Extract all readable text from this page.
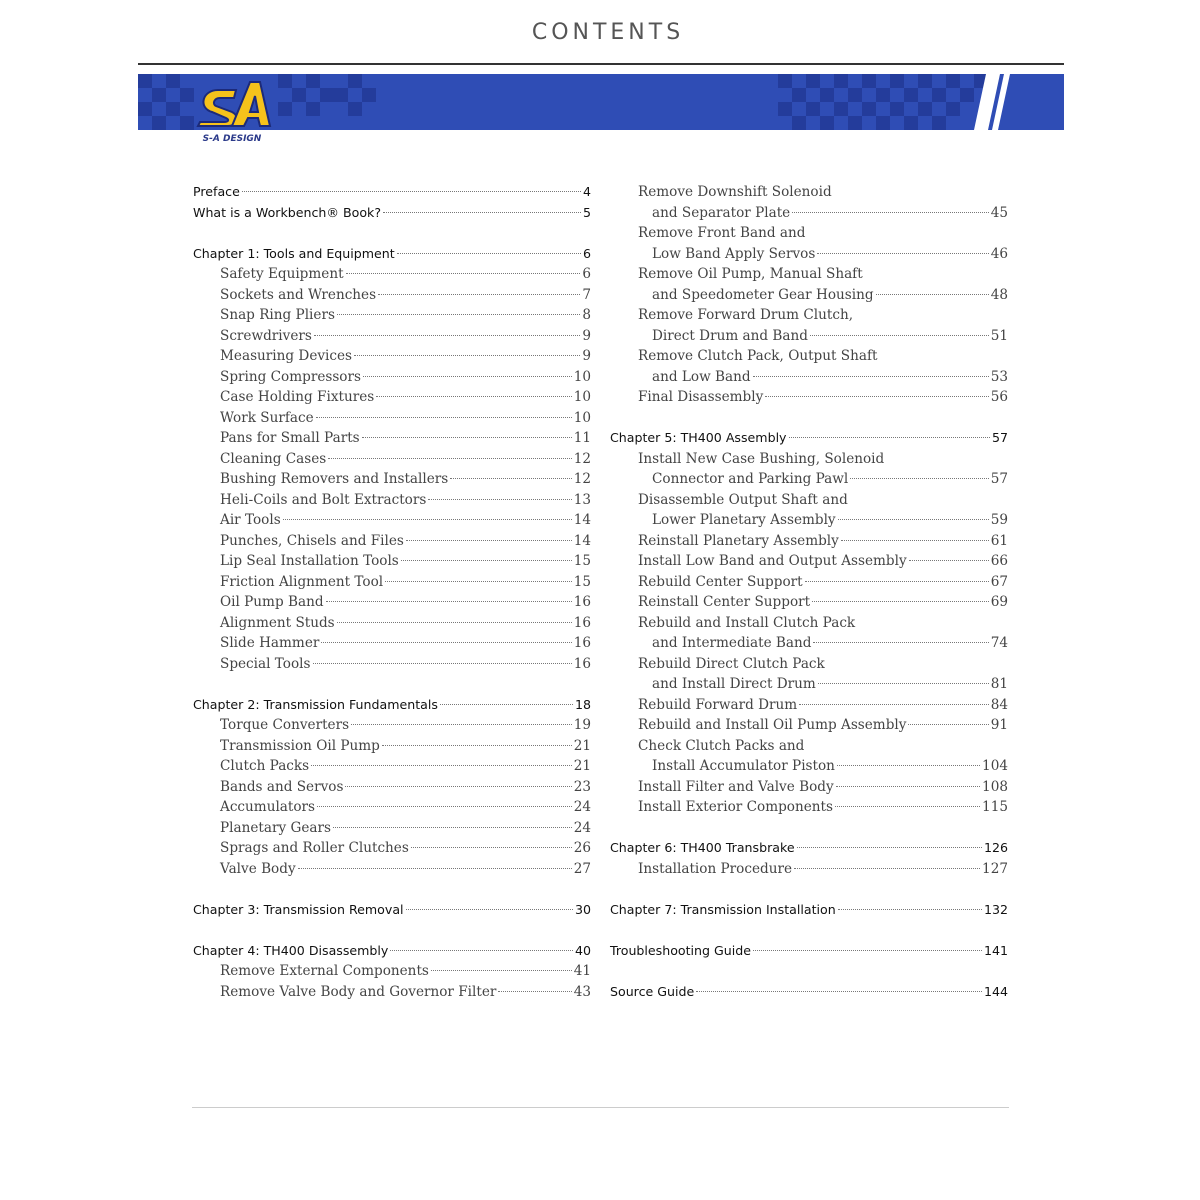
CONTENTS
S-A DESIGN
Preface	4
What is a Workbench® Book?	5
Chapter 1: Tools and Equipment	6
Safety Equipment	6
Sockets and Wrenches	7
Snap Ring Pliers	8
Screwdrivers	9
Measuring Devices	9
Spring Compressors	10
Case Holding Fixtures	10
Work Surface	10
Pans for Small Parts	11
Cleaning Cases	12
Bushing Removers and Installers	12
Heli-Coils and Bolt Extractors	13
Air Tools	14
Punches, Chisels and Files	14
Lip Seal Installation Tools	15
Friction Alignment Tool	15
Oil Pump Band	16
Alignment Studs	16
Slide Hammer	16
Special Tools	16
Chapter 2: Transmission Fundamentals	18
Torque Converters	19
Transmission Oil Pump	21
Clutch Packs	21
Bands and Servos	23
Accumulators	24
Planetary Gears	24
Sprags and Roller Clutches	26
Valve Body	27
Chapter 3: Transmission Removal	30
Chapter 4: TH400 Disassembly	40
Remove External Components	41
Remove Valve Body and Governor Filter	43
Remove Downshift Solenoid
and Separator Plate	45
Remove Front Band and
Low Band Apply Servos	46
Remove Oil Pump, Manual Shaft
and Speedometer Gear Housing	48
Remove Forward Drum Clutch,
Direct Drum and Band	51
Remove Clutch Pack, Output Shaft
and Low Band	53
Final Disassembly	56
Chapter 5: TH400 Assembly	57
Install New Case Bushing, Solenoid
Connector and Parking Pawl	57
Disassemble Output Shaft and
Lower Planetary Assembly	59
Reinstall Planetary Assembly	61
Install Low Band and Output Assembly	66
Rebuild Center Support	67
Reinstall Center Support	69
Rebuild and Install Clutch Pack
and Intermediate Band	74
Rebuild Direct Clutch Pack
and Install Direct Drum	81
Rebuild Forward Drum	84
Rebuild and Install Oil Pump Assembly	91
Check Clutch Packs and
Install Accumulator Piston	104
Install Filter and Valve Body	108
Install Exterior Components	115
Chapter 6: TH400 Transbrake	126
Installation Procedure	127
Chapter 7: Transmission Installation	132
Troubleshooting Guide	141
Source Guide	144
